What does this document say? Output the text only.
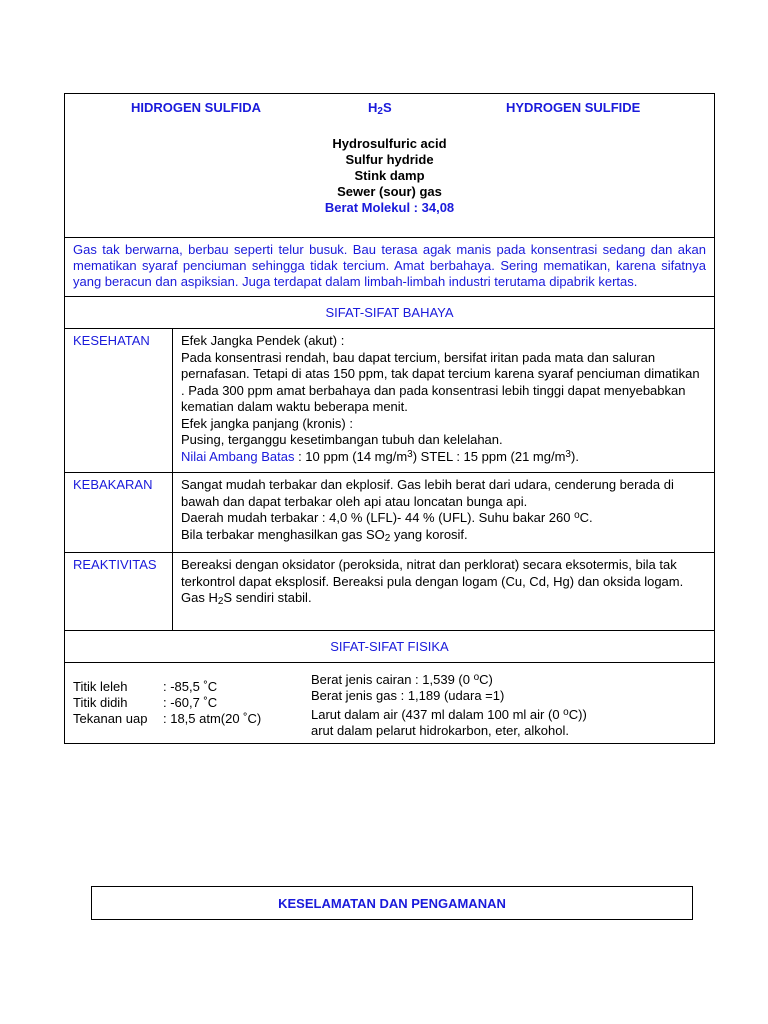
HIDROGEN SULFIDA	$H_2S$	HYDROGEN SULFIDE
Hydrosulfuric acid
Sulfur hydride
Stink damp
Sewer (sour) gas
Berat Molekul : 34,08
Gas tak berwarna, berbau seperti telur busuk. Bau terasa agak manis pada konsentrasi sedang dan akan mematikan syaraf penciuman sehingga tidak tercium. Amat berbahaya. Sering mematikan, karena sifatnya yang beracun dan aspiksian. Juga terdapat dalam limbah-limbah industri terutama dipabrik kertas.
SIFAT-SIFAT BAHAYA
KESEHATAN	Efek Jangka Pendek (akut) :

Pada konsentrasi rendah, bau dapat tercium, bersifat iritan pada mata dan saluran pernafasan. Tetapi di atas 150 ppm, tak dapat tercium karena syaraf penciuman dimatikan . Pada 300 ppm amat berbahaya dan pada konsentrasi lebih tinggi dapat menyebabkan kematian dalam waktu beberapa menit.

Efek jangka panjang (kronis) :

Pusing, terganggu kesetimbangan tubuh dan kelelahan.

Nilai Ambang Batas : 10 ppm (14 $mg/m^3$) STEL : 15 ppm (21 $mg/m^3$).

KEBAKARAN	Sangat mudah terbakar dan ekplosif. Gas lebih berat dari udara, cenderung berada di bawah dan dapat terbakar oleh api atau loncatan bunga api.

Daerah mudah terbakar : 4,0 % (LFL)- 44 % (UFL). Suhu bakar 260 $^o$C.

Bila terbakar menghasilkan gas $SO_2$ yang korosif.

REAKTIVITAS	Bereaksi dengan oksidator (peroksida, nitrat dan perklorat) secara eksotermis, bila tak terkontrol dapat eksplosif. Bereaksi pula dengan logam (Cu, Cd, Hg) dan oksida logam. Gas $H_2S$ sendiri stabil.

SIFAT-SIFAT FISIKA
Titik leleh	: -85,5 ˚C
Titik didih	: -60,7 ˚C
Tekanan uap : 18,5 atm(20 ˚C)

Berat jenis cairan : 1,539 (0 $^o$C)

Berat jenis gas : 1,189 (udara =1)

Larut dalam air (437 ml dalam 100 ml air (0 $^o$C))

arut dalam pelarut hidrokarbon, eter, alkohol.

KESELAMATAN DAN PENGAMANAN
